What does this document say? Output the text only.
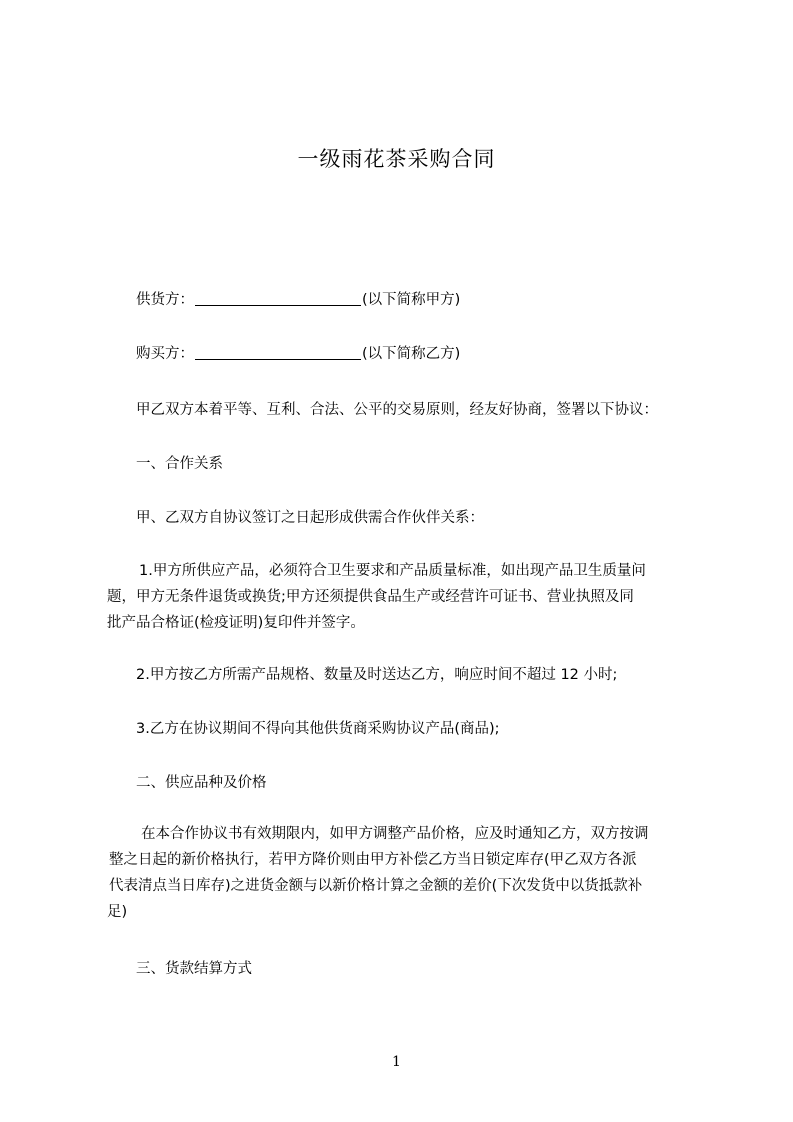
一级雨花茶采购合同
供货方：	(以下简称甲方)
购买方：	(以下简称乙方)
甲乙双方本着平等、互利、合法、公平的交易原则，经友好协商，签署以下协议：
一、合作关系
甲、乙双方自协议签订之日起形成供需合作伙伴关系：
1.甲方所供应产品，必须符合卫生要求和产品质量标准，如出现产品卫生质量问
题，甲方无条件退货或换货;甲方还须提供食品生产或经营许可证书、营业执照及同
批产品合格证(检疫证明)复印件并签字。
2.甲方按乙方所需产品规格、数量及时送达乙方，响应时间不超过 12 小时;
3.乙方在协议期间不得向其他供货商采购协议产品(商品);
二、供应品种及价格
在本合作协议书有效期限内，如甲方调整产品价格，应及时通知乙方，双方按调
整之日起的新价格执行，若甲方降价则由甲方补偿乙方当日锁定库存(甲乙双方各派
代表清点当日库存)之进货金额与以新价格计算之金额的差价(下次发货中以货抵款补
足)
三、货款结算方式
1
